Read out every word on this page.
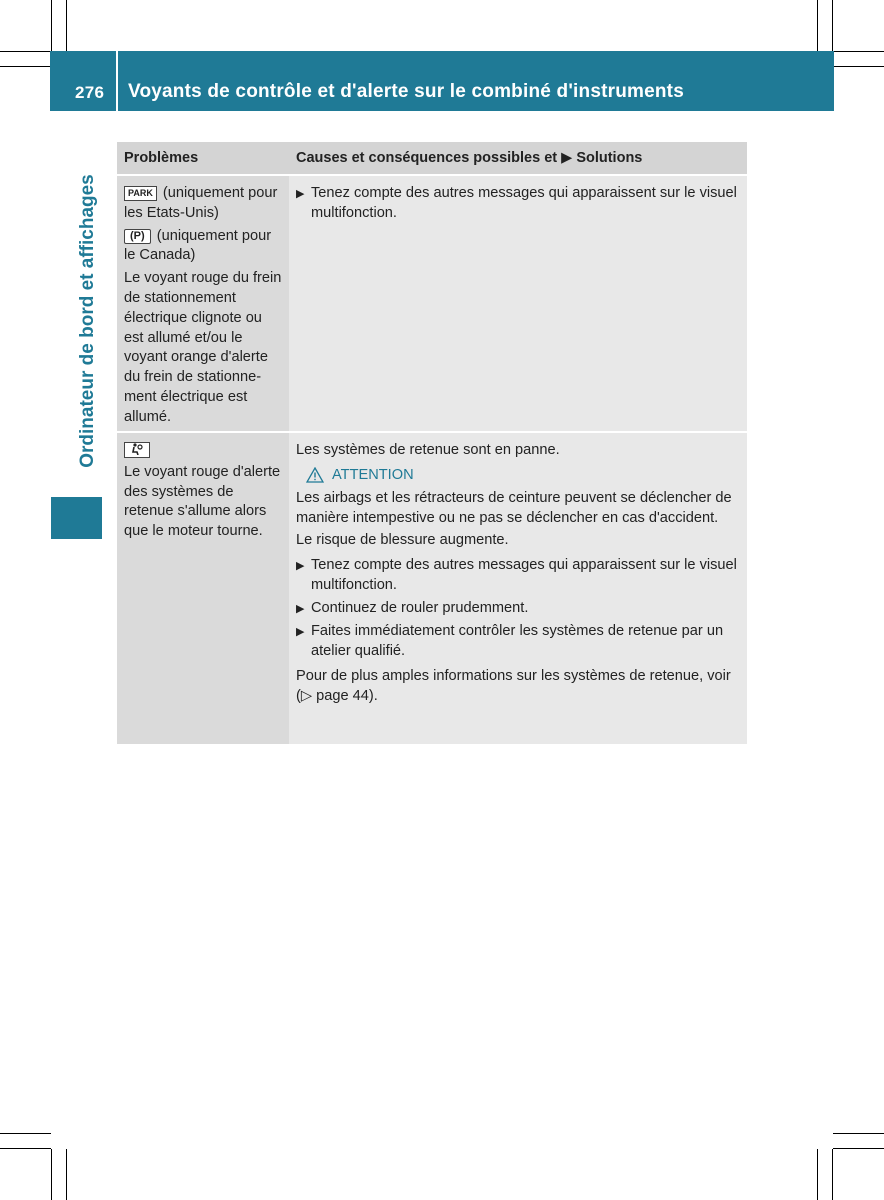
276 Voyants de contrôle et d'alerte sur le combiné d'instruments
Ordinateur de bord et affichages
Problèmes	Causes et conséquences possibles et ▶ Solutions

PARK (uniquement pour les Etats-Unis)

(P) (uniquement pour le Canada)

Le voyant rouge du frein de stationnement électrique clignote ou est allumé et/ou le voyant orange d'alerte du frein de stationnement électrique est allumé.

▶ Tenez compte des autres messages qui apparaissent sur le visuel multifonction.

Le voyant rouge d'alerte des systèmes de retenue s'allume alors que le moteur tourne.

Les systèmes de retenue sont en panne.

ATTENTION

Les airbags et les rétracteurs de ceinture peuvent se déclencher de manière intempestive ou ne pas se déclencher en cas d'accident.

Le risque de blessure augmente.

▶ Tenez compte des autres messages qui apparaissent sur le visuel multifonction.
▶ Continuez de rouler prudemment.
▶ Faites immédiatement contrôler les systèmes de retenue par un atelier qualifié.

Pour de plus amples informations sur les systèmes de retenue, voir (▷ page 44).
